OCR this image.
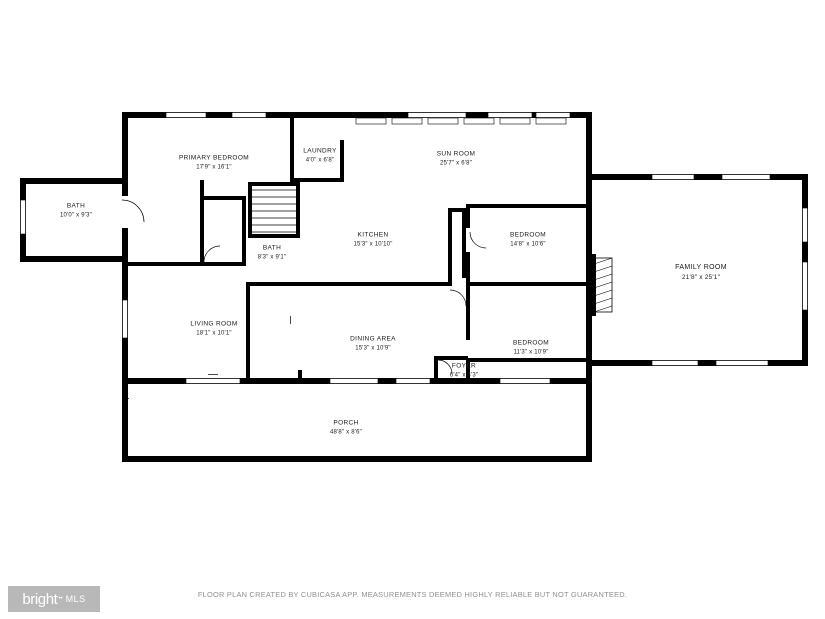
BATH
10'0" x 9'3"
PRIMARY BEDROOM
17'9" x 16'1"
LAUNDRY
4'0" x 6'8"
SUN ROOM
25'7" x 6'8"
BATH
8'3" x 9'1"
KITCHEN
15'3" x 10'10"
BEDROOM
14'8" x 10'6"
FAMILY ROOM
21'8" x 25'1"
LIVING ROOM
18'1" x 10'1"
DINING AREA
15'3" x 10'9"
BEDROOM
11'3" x 10'9"
FOYER
6'4" x 4'3"
PORCH
48'8" x 8'6"
FLOOR PLAN CREATED BY CUBICASA APP. MEASUREMENTS DEEMED HIGHLY RELIABLE BUT NOT GUARANTEED.
bright •• MLS
